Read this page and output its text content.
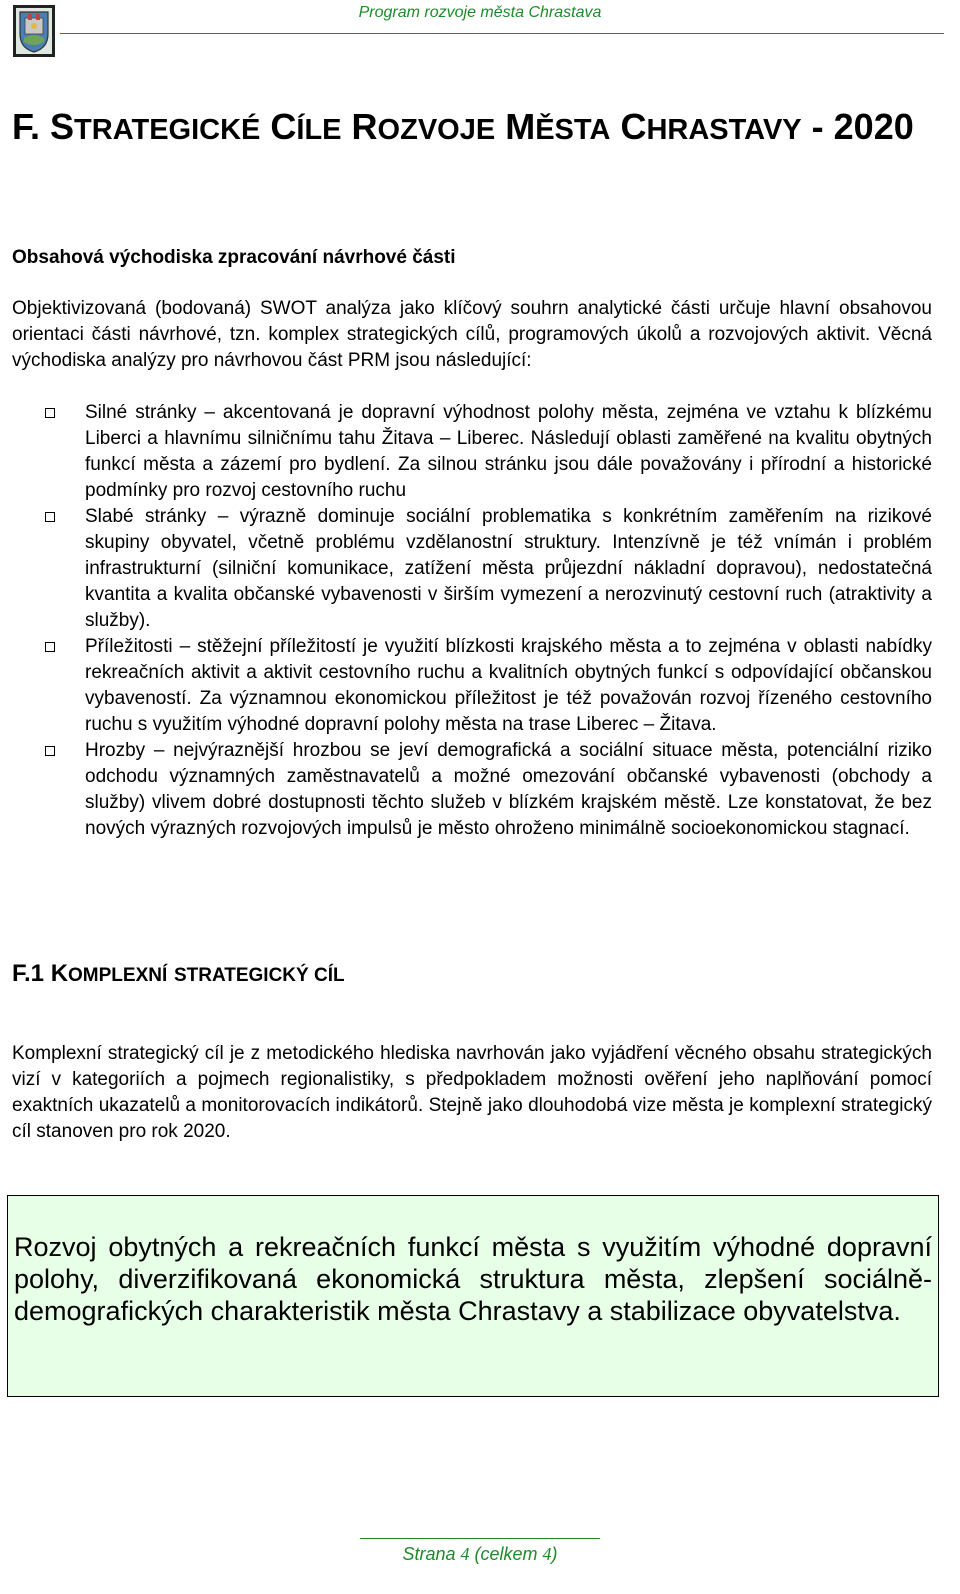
Program rozvoje města Chrastava
F. STRATEGICKÉ CÍLE ROZVOJE MĚSTA CHRASTAVY - 2020
Obsahová východiska zpracování návrhové části

Objektivizovaná (bodovaná) SWOT analýza jako klíčový souhrn analytické části určuje hlavní obsahovou orientaci části návrhové, tzn. komplex strategických cílů, programových úkolů a rozvojových aktivit. Věcná východiska analýzy pro návrhovou část PRM jsou následující:

Silné stránky – akcentovaná je dopravní výhodnost polohy města, zejména ve vztahu k blízkému Liberci a hlavnímu silničnímu tahu Žitava – Liberec. Následují oblasti zaměřené na kvalitu obytných funkcí města a zázemí pro bydlení. Za silnou stránku jsou dále považovány i přírodní a historické podmínky pro rozvoj cestovního ruchu
Slabé stránky – výrazně dominuje sociální problematika s konkrétním zaměřením na rizikové skupiny obyvatel, včetně problému vzdělanostní struktury. Intenzívně je též vnímán i problém infrastrukturní (silniční komunikace, zatížení města průjezdní nákladní dopravou), nedostatečná kvantita a kvalita občanské vybavenosti v širším vymezení a nerozvinutý cestovní ruch (atraktivity a služby).
Příležitosti – stěžejní příležitostí je využití blízkosti krajského města a to zejména v oblasti nabídky rekreačních aktivit a aktivit cestovního ruchu a kvalitních obytných funkcí s odpovídající občanskou vybaveností. Za významnou ekonomickou příležitost je též považován rozvoj řízeného cestovního ruchu s využitím výhodné dopravní polohy města na trase Liberec – Žitava.
Hrozby – nejvýraznější hrozbou se jeví demografická a sociální situace města, potenciální riziko odchodu významných zaměstnavatelů a možné omezování občanské vybavenosti (obchody a služby) vlivem dobré dostupnosti těchto služeb v blízkém krajském městě. Lze konstatovat, že bez nových výrazných rozvojových impulsů je město ohroženo minimálně socioekonomickou stagnací.
F.1 KOMPLEXNÍ STRATEGICKÝ CÍL

Komplexní strategický cíl je z metodického hlediska navrhován jako vyjádření věcného obsahu strategických vizí v kategoriích a pojmech regionalistiky, s předpokladem možnosti ověření jeho naplňování pomocí exaktních ukazatelů a monitorovacích indikátorů. Stejně jako dlouhodobá vize města je komplexní strategický cíl stanoven pro rok 2020.

Rozvoj obytných a rekreačních funkcí města s využitím výhodné dopravní polohy, diverzifikovaná ekonomická struktura města, zlepšení sociálně-demografických charakteristik města Chrastavy a stabilizace obyvatelstva.

Strana 4 (celkem 4)
